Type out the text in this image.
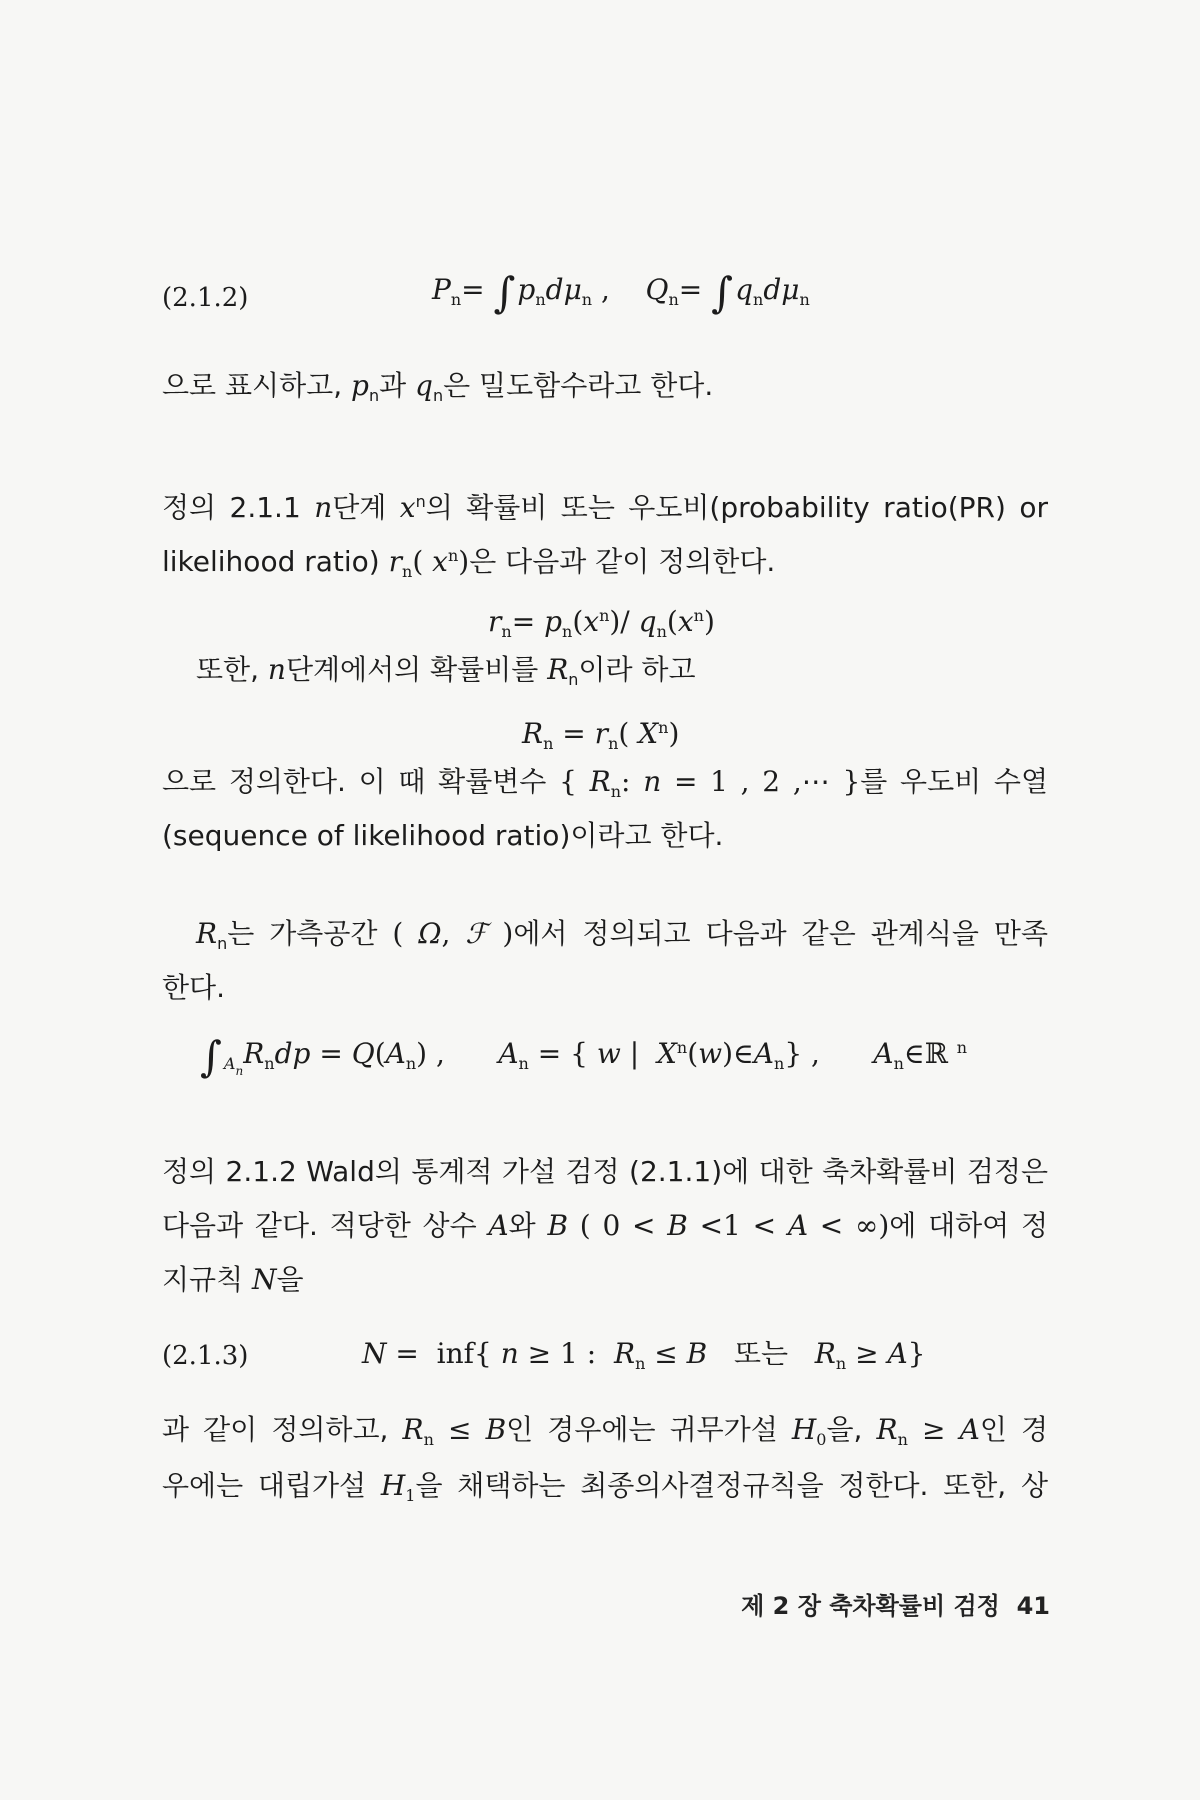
(2.1.2)	$P_n= \int p_nd\mu_n$ ,    $Q_n= \int q_nd\mu_n$
으로 표시하고, $p_n$과 $q_n$은 밀도함수라고 한다.
정의 2.1.1 n단계 $x^n$의 확률비 또는 우도비(probability ratio(PR) or
likelihood ratio) $r_n$( $x^n$)은 다음과 같이 정의한다.
$r_n= p_n(x^n)/$ $q_n(x^n)$
또한, n단계에서의 확률비를 $R_n$이라 하고
$R_n = r_n$( $X^n$)
으로 정의한다. 이 때 확률변수 { $R_n$: n = 1 , 2 ,⋯ }를 우도비 수열
(sequence of likelihood ratio)이라고 한다.
$R_n$는 가측공간 ( Ω, ℱ )에서 정의되고 다음과 같은 관계식을 만족
한다.
∫ $_{A_n}R_ndp = Q(A_n)$ ,      $A_n$ = { w |  $X^n(w)\in A_n$} ,      $A_n\in ℝ$ $^n$
정의 2.1.2 Wald의 통계적 가설 검정 (2.1.1)에 대한 축차확률비 검정은
다음과 같다. 적당한 상수 A와 B ( 0 < B <1 < A < ∞)에 대하여 정
지규칙 N을
(2.1.3)	N =  inf{ n ≥ 1 :  $R_n \le B$ 또는 $R_n \ge A$}
과 같이 정의하고, $R_n \le B$인 경우에는 귀무가설 $H_0$을, $R_n \ge A$인 경
우에는 대립가설 $H_1$을 채택하는 최종의사결정규칙을 정한다. 또한, 상
제 2 장 축차확률비 검정 41
